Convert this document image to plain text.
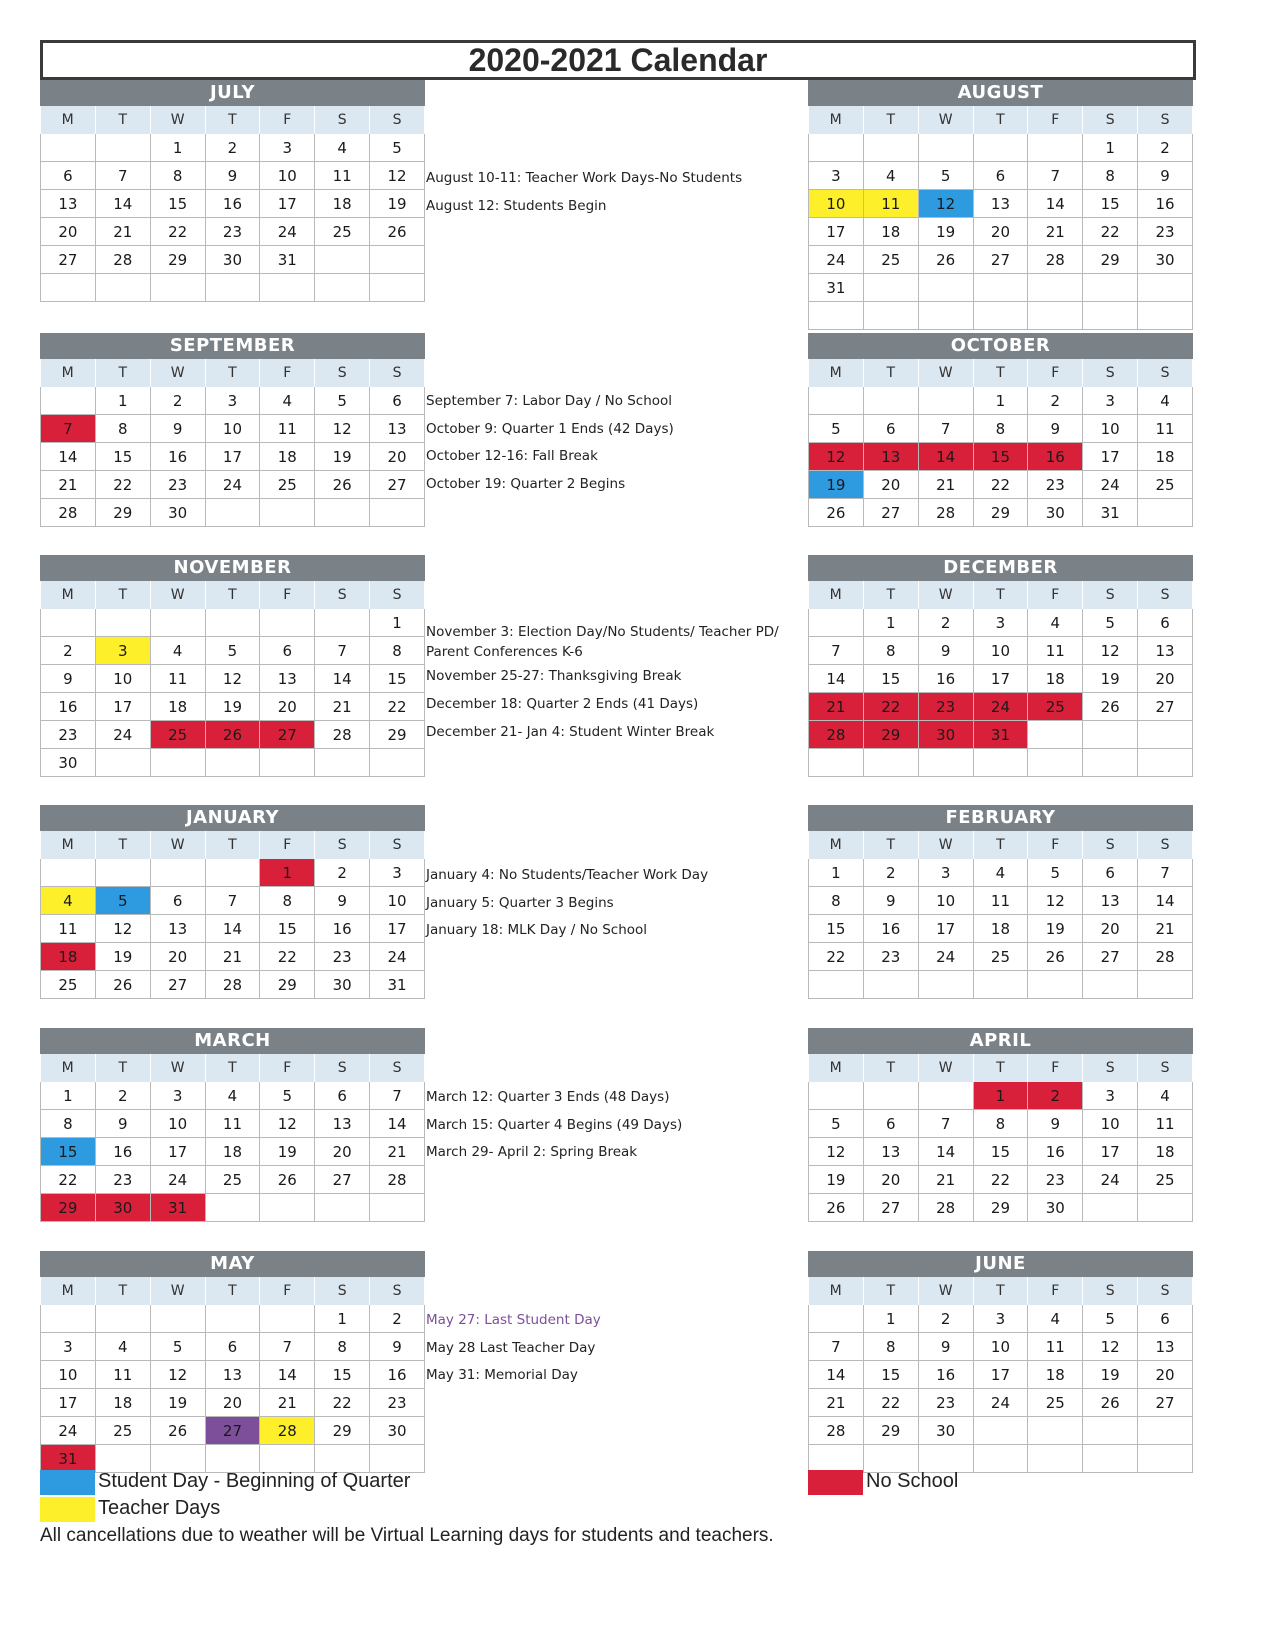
2020-2021 Calendar
JULY
M	T	W	T	F	S	S
		1	2	3	4	5
6	7	8	9	10	11	12
13	14	15	16	17	18	19
20	21	22	23	24	25	26
27	28	29	30	31		

AUGUST
M	T	W	T	F	S	S
					1	2
3	4	5	6	7	8	9
10	11	12	13	14	15	16
17	18	19	20	21	22	23
24	25	26	27	28	29	30
31						

SEPTEMBER
M	T	W	T	F	S	S
	1	2	3	4	5	6
7	8	9	10	11	12	13
14	15	16	17	18	19	20
21	22	23	24	25	26	27
28	29	30				
OCTOBER
M	T	W	T	F	S	S
			1	2	3	4
5	6	7	8	9	10	11
12	13	14	15	16	17	18
19	20	21	22	23	24	25
26	27	28	29	30	31	
NOVEMBER
M	T	W	T	F	S	S
						1
2	3	4	5	6	7	8
9	10	11	12	13	14	15
16	17	18	19	20	21	22
23	24	25	26	27	28	29
30						
DECEMBER
M	T	W	T	F	S	S
	1	2	3	4	5	6
7	8	9	10	11	12	13
14	15	16	17	18	19	20
21	22	23	24	25	26	27
28	29	30	31			

JANUARY
M	T	W	T	F	S	S
				1	2	3
4	5	6	7	8	9	10
11	12	13	14	15	16	17
18	19	20	21	22	23	24
25	26	27	28	29	30	31
FEBRUARY
M	T	W	T	F	S	S
1	2	3	4	5	6	7
8	9	10	11	12	13	14
15	16	17	18	19	20	21
22	23	24	25	26	27	28

MARCH
M	T	W	T	F	S	S
1	2	3	4	5	6	7
8	9	10	11	12	13	14
15	16	17	18	19	20	21
22	23	24	25	26	27	28
29	30	31				
APRIL
M	T	W	T	F	S	S
			1	2	3	4
5	6	7	8	9	10	11
12	13	14	15	16	17	18
19	20	21	22	23	24	25
26	27	28	29	30		
MAY
M	T	W	T	F	S	S
					1	2
3	4	5	6	7	8	9
10	11	12	13	14	15	16
17	18	19	20	21	22	23
24	25	26	27	28	29	30
31						
JUNE
M	T	W	T	F	S	S
	1	2	3	4	5	6
7	8	9	10	11	12	13
14	15	16	17	18	19	20
21	22	23	24	25	26	27
28	29	30				

August 10-11: Teacher Work Days-No Students
August 12: Students Begin
September 7: Labor Day / No School
October 9: Quarter 1 Ends (42 Days)
October 12-16: Fall Break
October 19: Quarter 2 Begins
November 3: Election Day/No Students/ Teacher PD/
Parent Conferences K-6
November 25-27: Thanksgiving Break
December 18: Quarter 2 Ends (41 Days)
December 21- Jan 4: Student Winter Break
January 4: No Students/Teacher Work Day
January 5: Quarter 3 Begins
January 18: MLK Day / No School
March 12: Quarter 3 Ends (48 Days)
March 15: Quarter 4 Begins (49 Days)
March 29- April 2: Spring Break
May 27: Last Student Day
May 28 Last Teacher Day
May 31: Memorial Day
Student Day - Beginning of Quarter
Teacher Days
No School
All cancellations due to weather will be Virtual Learning days for students and teachers.
